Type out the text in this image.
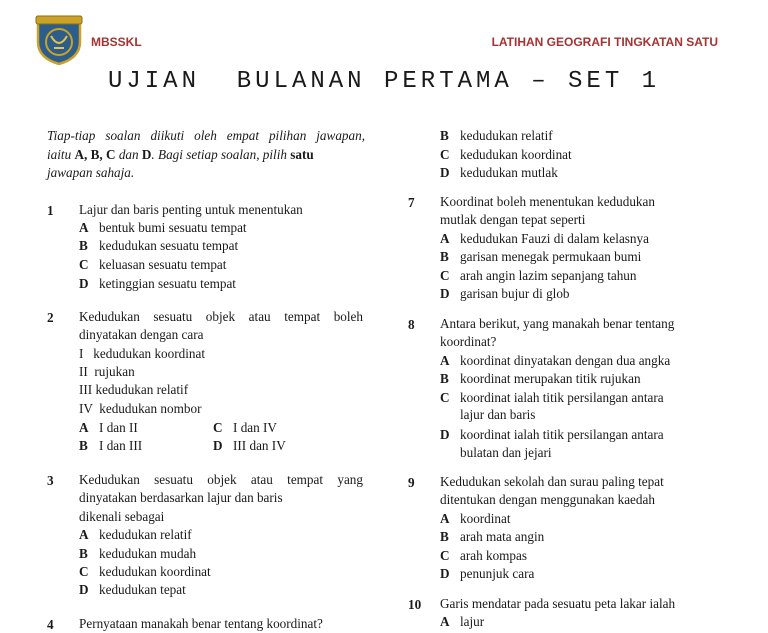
MBSSKL	LATIHAN GEOGRAFI TINGKATAN SATU
UJIAN  BULANAN PERTAMA – SET 1
Tiap-tiap soalan diikuti oleh empat pilihan jawapan,
iaitu A, B, C dan D. Bagi setiap soalan, pilih satu
jawapan sahaja.
1 Lajur dan baris penting untuk menentukan
A bentuk bumi sesuatu tempat
B kedudukan sesuatu tempat
C keluasan sesuatu tempat
D ketinggian sesuatu tempat
2 Kedudukan sesuatu objek atau tempat boleh
dinyatakan dengan cara
I   kedudukan koordinat
II  rujukan
III kedudukan relatif
IV  kedudukan nombor
A I dan II	C I dan IV
B I dan III	D III dan IV
3 Kedudukan sesuatu objek atau tempat yang
dinyatakan berdasarkan lajur dan baris
dikenali sebagai
A kedudukan relatif
B kedudukan mudah
C kedudukan koordinat
D kedudukan tepat
4 Pernyataan manakah benar tentang koordinat?
B kedudukan relatif
C kedudukan koordinat
D kedudukan mutlak
7 Koordinat boleh menentukan kedudukan
mutlak dengan tepat seperti
A kedudukan Fauzi di dalam kelasnya
B garisan menegak permukaan bumi
C arah angin lazim sepanjang tahun
D garisan bujur di glob
8 Antara berikut, yang manakah benar tentang
koordinat?
A koordinat dinyatakan dengan dua angka
B koordinat merupakan titik rujukan
C koordinat ialah titik persilangan antara
lajur dan baris
D koordinat ialah titik persilangan antara
bulatan dan jejari
9 Kedudukan sekolah dan surau paling tepat
ditentukan dengan menggunakan kaedah
A koordinat
B arah mata angin
C arah kompas
D penunjuk cara
10 Garis mendatar pada sesuatu peta lakar ialah
A lajur
